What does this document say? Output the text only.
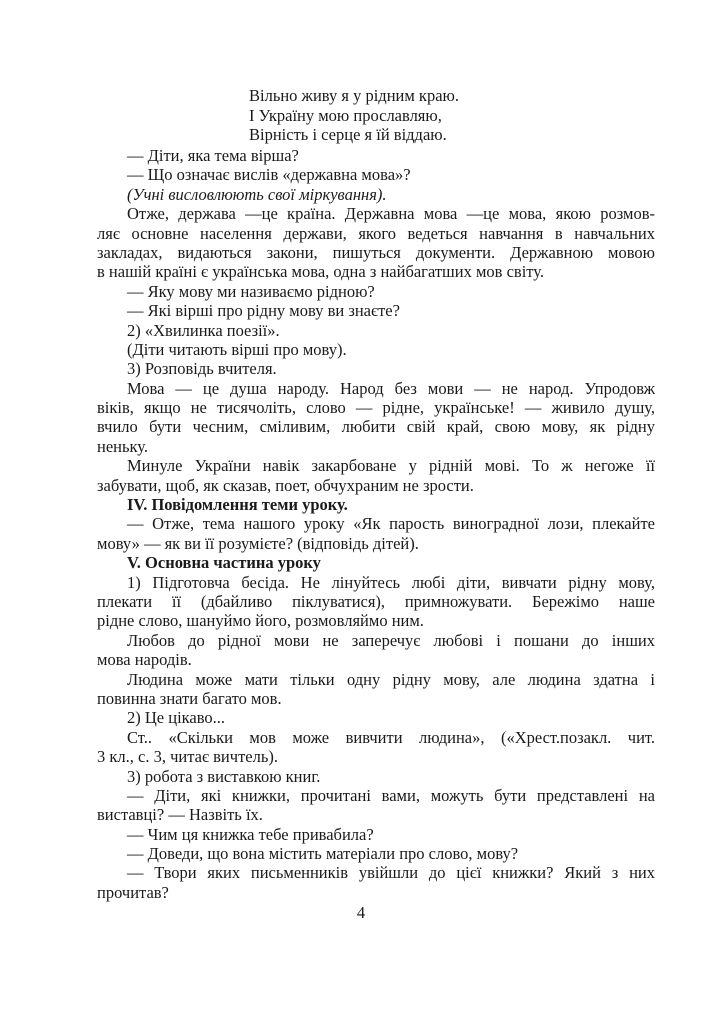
Вільно живу я у рідним краю.
І Україну мою прославляю,
Вірність і серце я їй віддаю.
— Діти, яка тема вірша?
— Що означає вислів «державна мова»?
(Учні висловлюють свої міркування).
Отже, держава —це країна. Державна мова —це мова, якою розмов-
ляє основне населення держави, якого ведеться навчання в навчальних
закладах, видаються закони, пишуться документи. Державною мовою
в нашій країні є українська мова, одна з найбагатших мов світу.
— Яку мову ми називаємо рідною?
— Які вірші про рідну мову ви знаєте?
2) «Хвилинка поезії».
(Діти читають вірші про мову).
3) Розповідь вчителя.
Мова — це душа народу. Народ без мови — не народ. Упродовж
віків, якщо не тисячоліть, слово — рідне, українське! — живило душу,
вчило бути чесним, сміливим, любити свій край, свою мову, як рідну
неньку.
Минуле України навік закарбоване у рідній мові. То ж негоже її
забувати, щоб, як сказав, поет, обчухраним не зрости.
IV. Повідомлення теми уроку.
— Отже, тема нашого уроку «Як парость виноградної лози, плекайте
мову» — як ви її розумієте? (відповідь дітей).
V. Основна частина уроку
1) Підготовча бесіда. Не лінуйтесь любі діти, вивчати рідну мову,
плекати її (дбайливо піклуватися), примножувати. Бережімо наше
рідне слово, шануймо його, розмовляймо ним.
Любов до рідної мови не заперечує любові і пошани до інших
мова народів.
Людина може мати тільки одну рідну мову, але людина здатна і
повинна знати багато мов.
2) Це цікаво...
Ст.. «Скільки мов може вивчити людина», («Хрест.позакл. чит.
3 кл., с. 3, читає вичтель).
3) робота з виставкою книг.
— Діти, які книжки, прочитані вами, можуть бути представлені на
виставці? — Назвіть їх.
— Чим ця книжка тебе привабила?
— Доведи, що вона містить матеріали про слово, мову?
— Твори яких письменників увійшли до цієї книжки? Який з них
прочитав?
4
